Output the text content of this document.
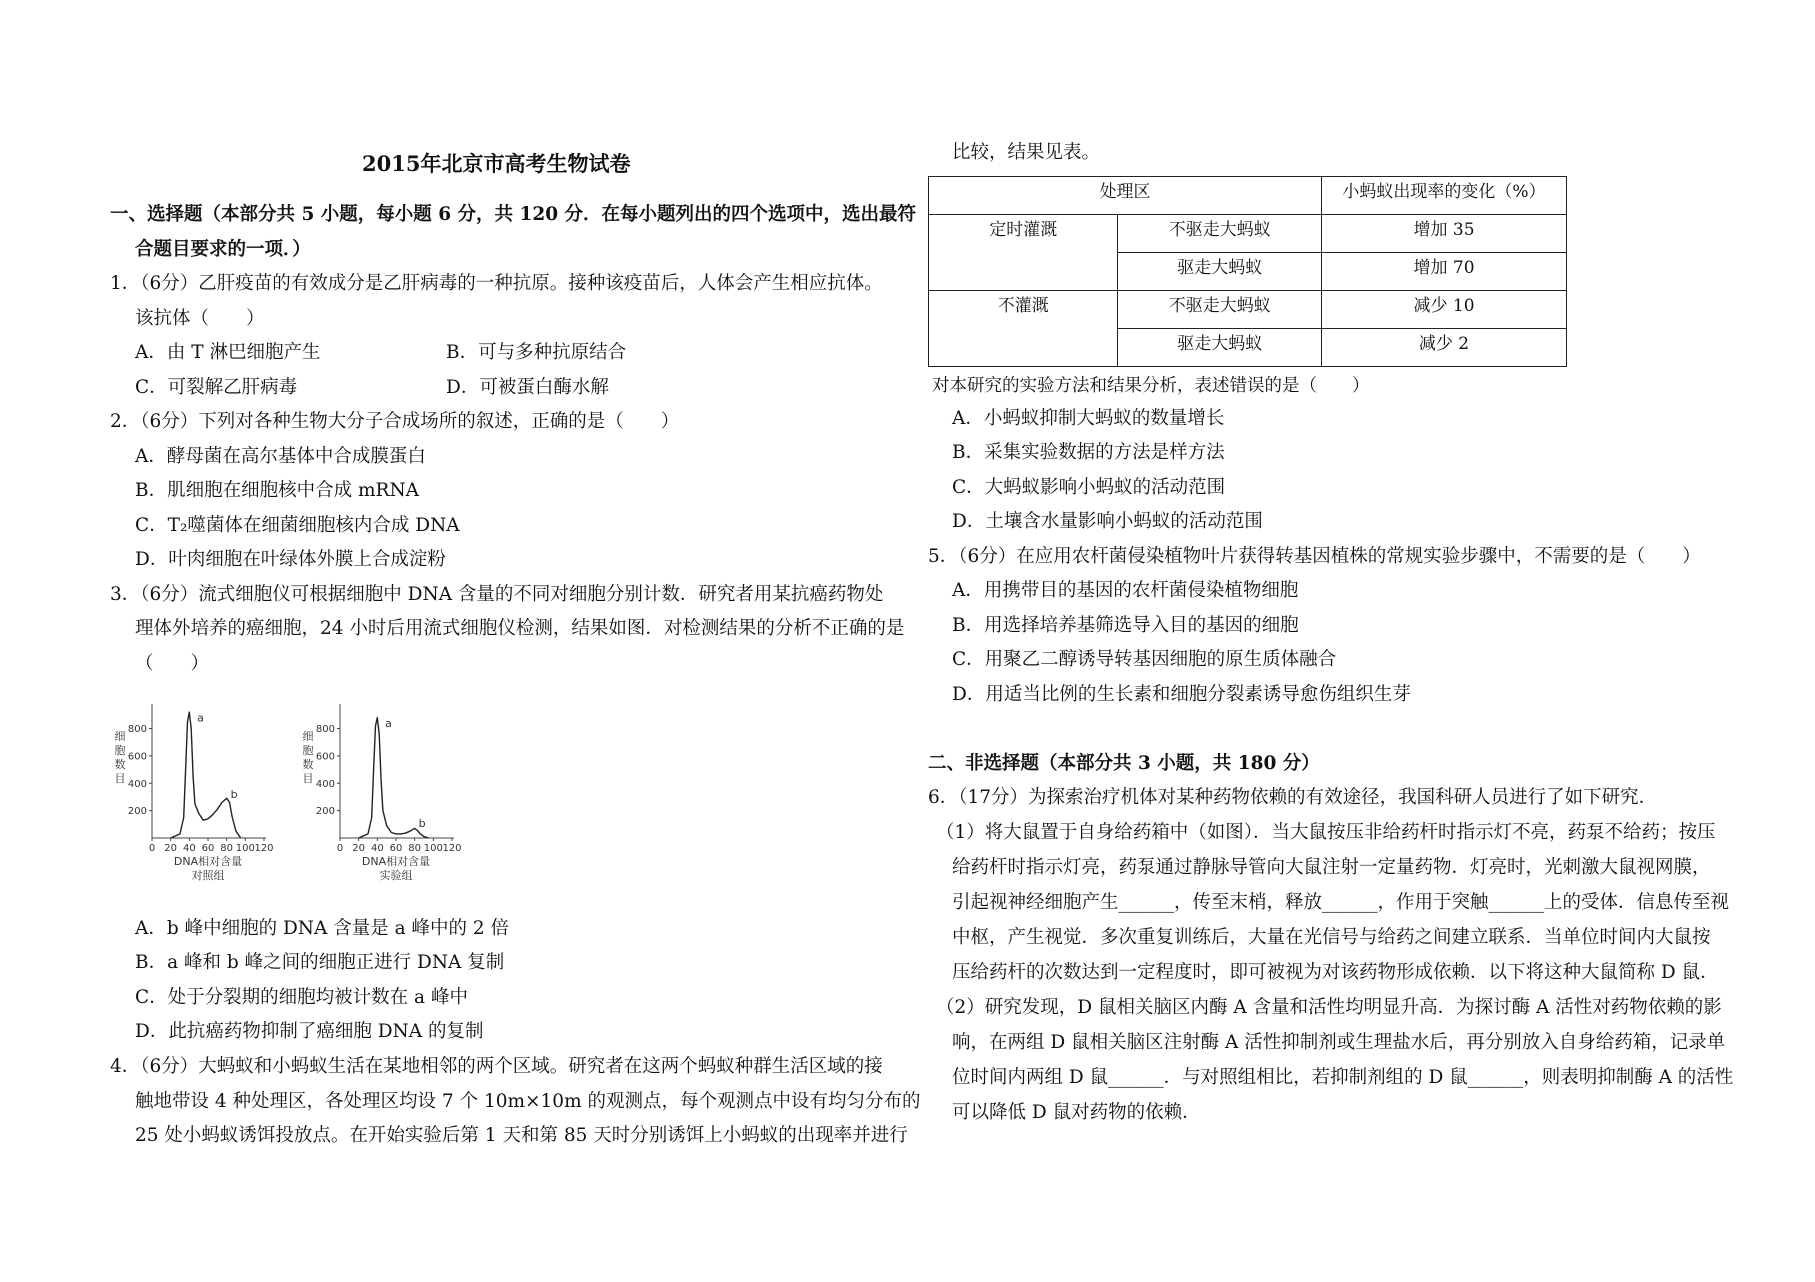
2015年北京市高考生物试卷
一、选择题（本部分共 5 小题，每小题 6 分，共 120 分．在每小题列出的四个选项中，选出最符
合题目要求的一项．）
1．（6分）乙肝疫苗的有效成分是乙肝病毒的一种抗原。接种该疫苗后，人体会产生相应抗体。
该抗体（　　）
A．由 T 淋巴细胞产生	B．可与多种抗原结合
C．可裂解乙肝病毒	D．可被蛋白酶水解
2．（6分）下列对各种生物大分子合成场所的叙述，正确的是（　　）
A．酵母菌在高尔基体中合成膜蛋白
B．肌细胞在细胞核中合成 mRNA
C．T₂噬菌体在细菌细胞核内合成 DNA
D．叶肉细胞在叶绿体外膜上合成淀粉
3．（6分）流式细胞仪可根据细胞中 DNA 含量的不同对细胞分别计数．研究者用某抗癌药物处
理体外培养的癌细胞，24 小时后用流式细胞仪检测，结果如图．对检测结果的分析不正确的是
（　　）
200
400
600
800
0 20 40 60 80 100 120
细
胞
数
目
a
b
DNA相对含量
对照组
200
400
600
800
0 20 40 60 80 100 120
细
胞
数
目
a
b
DNA相对含量
实验组
A．b 峰中细胞的 DNA 含量是 a 峰中的 2 倍
B．a 峰和 b 峰之间的细胞正进行 DNA 复制
C．处于分裂期的细胞均被计数在 a 峰中
D．此抗癌药物抑制了癌细胞 DNA 的复制
4．（6分）大蚂蚁和小蚂蚁生活在某地相邻的两个区域。研究者在这两个蚂蚁种群生活区域的接
触地带设 4 种处理区，各处理区均设 7 个 10m×10m 的观测点，每个观测点中设有均匀分布的
25 处小蚂蚁诱饵投放点。在开始实验后第 1 天和第 85 天时分别诱饵上小蚂蚁的出现率并进行
比较，结果见表。
处理区		小蚂蚁出现率的变化（%）
定时灌溉	不驱走大蚂蚁	增加 35
	驱走大蚂蚁	增加 70
不灌溉	不驱走大蚂蚁	减少 10
	驱走大蚂蚁	减少 2
对本研究的实验方法和结果分析，表述错误的是（　　）
A．小蚂蚁抑制大蚂蚁的数量增长
B．采集实验数据的方法是样方法
C．大蚂蚁影响小蚂蚁的活动范围
D．土壤含水量影响小蚂蚁的活动范围
5．（6分）在应用农杆菌侵染植物叶片获得转基因植株的常规实验步骤中，不需要的是（　　）
A．用携带目的基因的农杆菌侵染植物细胞
B．用选择培养基筛选导入目的基因的细胞
C．用聚乙二醇诱导转基因细胞的原生质体融合
D．用适当比例的生长素和细胞分裂素诱导愈伤组织生芽
二、非选择题（本部分共 3 小题，共 180 分）
6．（17分）为探索治疗机体对某种药物依赖的有效途径，我国科研人员进行了如下研究．
（1）将大鼠置于自身给药箱中（如图）．当大鼠按压非给药杆时指示灯不亮，药泵不给药；按压
给药杆时指示灯亮，药泵通过静脉导管向大鼠注射一定量药物．灯亮时，光刺激大鼠视网膜，
引起视神经细胞产生______，传至末梢，释放______，作用于突触______上的受体．信息传至视
中枢，产生视觉．多次重复训练后，大量在光信号与给药之间建立联系．当单位时间内大鼠按
压给药杆的次数达到一定程度时，即可被视为对该药物形成依赖．以下将这种大鼠简称 D 鼠．
（2）研究发现，D 鼠相关脑区内酶 A 含量和活性均明显升高．为探讨酶 A 活性对药物依赖的影
响，在两组 D 鼠相关脑区注射酶 A 活性抑制剂或生理盐水后，再分别放入自身给药箱，记录单
位时间内两组 D 鼠______．与对照组相比，若抑制剂组的 D 鼠______，则表明抑制酶 A 的活性
可以降低 D 鼠对药物的依赖．
